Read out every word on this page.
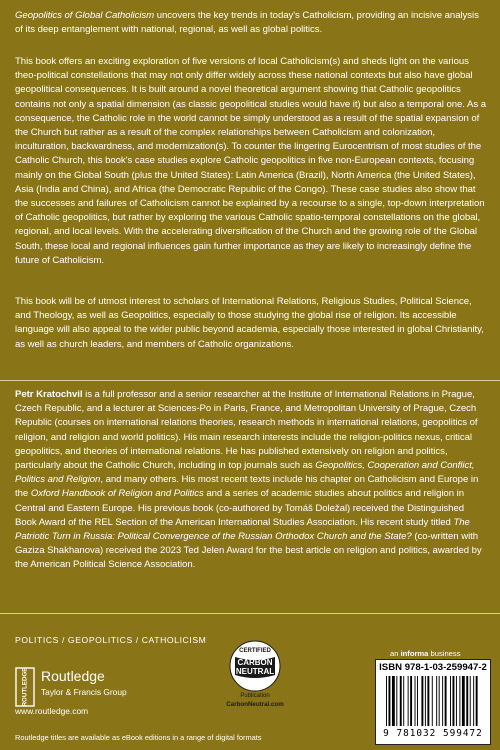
Geopolitics of Global Catholicism uncovers the key trends in today's Catholicism, providing an incisive analysis of its deep entanglement with national, regional, as well as global politics.

This book offers an exciting exploration of five versions of local Catholicism(s) and sheds light on the various theo-political constellations that may not only differ widely across these national contexts but also have global geopolitical consequences. It is built around a novel theoretical argument showing that Catholic geopolitics contains not only a spatial dimension (as classic geopolitical studies would have it) but also a temporal one. As a consequence, the Catholic role in the world cannot be simply understood as a result of the spatial expansion of the Church but rather as a result of the complex relationships between Catholicism and colonization, inculturation, backwardness, and modernization(s). To counter the lingering Eurocentrism of most studies of the Catholic Church, this book's case studies explore Catholic geopolitics in five non-European contexts, focusing mainly on the Global South (plus the United States): Latin America (Brazil), North America (the United States), Asia (India and China), and Africa (the Democratic Republic of the Congo). These case studies also show that the successes and failures of Catholicism cannot be explained by a recourse to a single, top-down interpretation of Catholic geopolitics, but rather by exploring the various Catholic spatio-temporal constellations on the global, regional, and local levels. With the accelerating diversification of the Church and the growing role of the Global South, these local and regional influences gain further importance as they are likely to increasingly define the future of Catholicism.

This book will be of utmost interest to scholars of International Relations, Religious Studies, Political Science, and Theology, as well as Geopolitics, especially to those studying the global rise of religion. Its accessible language will also appeal to the wider public beyond academia, especially those interested in global Christianity, as well as church leaders, and members of Catholic organizations.

Petr Kratochvil is a full professor and a senior researcher at the Institute of International Relations in Prague, Czech Republic, and a lecturer at Sciences-Po in Paris, France, and Metropolitan University of Prague, Czech Republic (courses on international relations theories, research methods in international relations, geopolitics of religion, and religion and world politics). His main research interests include the religion-politics nexus, critical geopolitics, and theories of international relations. He has published extensively on religion and politics, particularly about the Catholic Church, including in top journals such as Geopolitics, Cooperation and Conflict, Politics and Religion, and many others. His most recent texts include his chapter on Catholicism and Europe in the Oxford Handbook of Religion and Politics and a series of academic studies about politics and religion in Central and Eastern Europe. His previous book (co-authored by Tomáš Doležal) received the Distinguished Book Award of the REL Section of the American International Studies Association. His recent study titled The Patriotic Turn in Russia: Political Convergence of the Russian Orthodox Church and the State? (co-written with Gaziza Shakhanova) received the 2023 Ted Jelen Award for the best article on religion and politics, awarded by the American Political Science Association.

POLITICS / GEOPOLITICS / CATHOLICISM

ROUTLEDGE Routledge

Taylor & Francis Group

www.routledge.com

Routledge titles are available as eBook editions in a range of digital formats

CERTIFIED
CARBON
NEUTRAL

Publication

CarbonNeutral.com

an informa business

ISBN 978-1-03-259947-2

9 781032 599472
